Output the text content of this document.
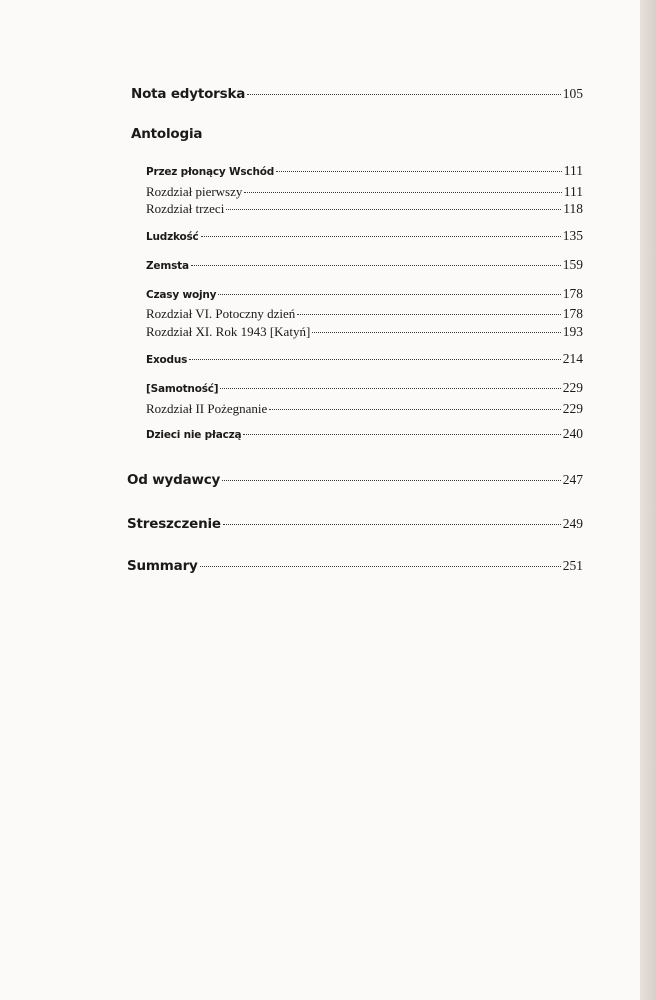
Nota edytorska	105
Antologia
Przez płonący Wschód	111
Rozdział pierwszy	111
Rozdział trzeci	118
Ludzkość	135
Zemsta	159
Czasy wojny	178
Rozdział VI. Potoczny dzień	178
Rozdział XI. Rok 1943 [Katyń]	193
Exodus	214
[Samotność]	229
Rozdział II Pożegnanie	229
Dzieci nie płaczą	240
Od wydawcy	247
Streszczenie	249
Summary	251
